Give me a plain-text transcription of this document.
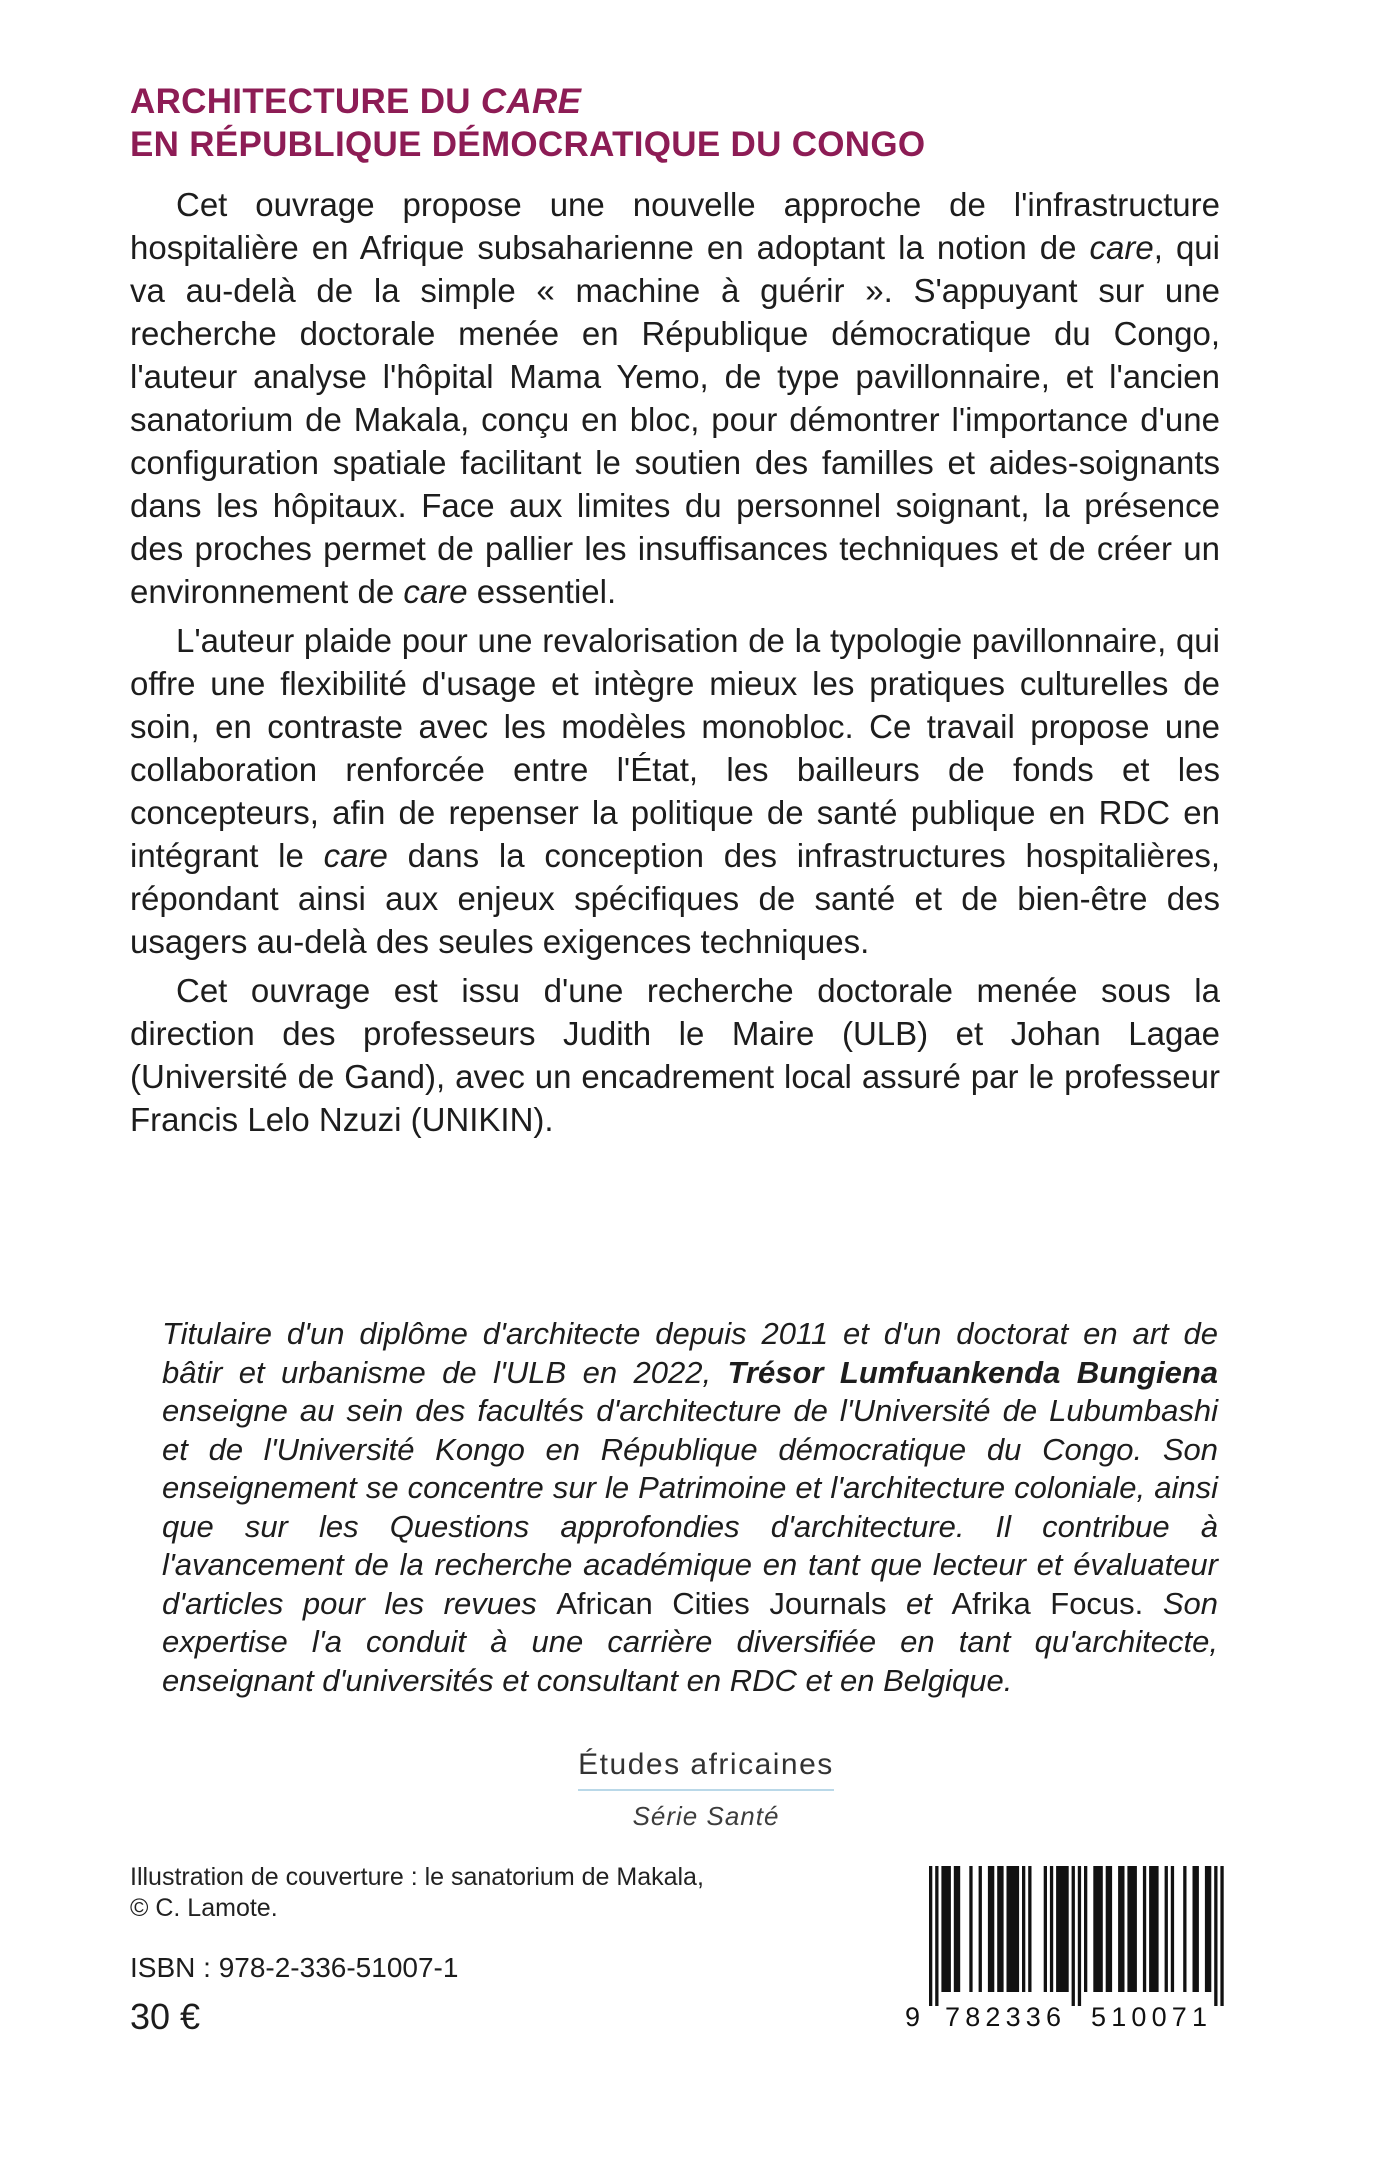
ARCHITECTURE DU CARE
EN RÉPUBLIQUE DÉMOCRATIQUE DU CONGO

Cet ouvrage propose une nouvelle approche de l'infrastructure hospitalière en Afrique subsaharienne en adoptant la notion de care, qui va au-delà de la simple « machine à guérir ». S'appuyant sur une recherche doctorale menée en République démocratique du Congo, l'auteur analyse l'hôpital Mama Yemo, de type pavillonnaire, et l'ancien sanatorium de Makala, conçu en bloc, pour démontrer l'importance d'une configuration spatiale facilitant le soutien des familles et aides-soignants dans les hôpitaux. Face aux limites du personnel soignant, la présence des proches permet de pallier les insuffisances techniques et de créer un environnement de care essentiel.

L'auteur plaide pour une revalorisation de la typologie pavillonnaire, qui offre une flexibilité d'usage et intègre mieux les pratiques culturelles de soin, en contraste avec les modèles monobloc. Ce travail propose une collaboration renforcée entre l'État, les bailleurs de fonds et les concepteurs, afin de repenser la politique de santé publique en RDC en intégrant le care dans la conception des infrastructures hospitalières, répondant ainsi aux enjeux spécifiques de santé et de bien-être des usagers au-delà des seules exigences techniques.

Cet ouvrage est issu d'une recherche doctorale menée sous la direction des professeurs Judith le Maire (ULB) et Johan Lagae (Université de Gand), avec un encadrement local assuré par le professeur Francis Lelo Nzuzi (UNIKIN).

Titulaire d'un diplôme d'architecte depuis 2011 et d'un doctorat en art de bâtir et urbanisme de l'ULB en 2022, Trésor Lumfuankenda Bungiena enseigne au sein des facultés d'architecture de l'Université de Lubumbashi et de l'Université Kongo en République démocratique du Congo. Son enseignement se concentre sur le Patrimoine et l'architecture coloniale, ainsi que sur les Questions approfondies d'architecture. Il contribue à l'avancement de la recherche académique en tant que lecteur et évaluateur d'articles pour les revues African Cities Journals et Afrika Focus. Son expertise l'a conduit à une carrière diversifiée en tant qu'architecte, enseignant d'universités et consultant en RDC et en Belgique.
Études africaines
Série Santé
Illustration de couverture : le sanatorium de Makala,
© C. Lamote.
ISBN : 978-2-336-51007-1
30 €	9 782336 510071
